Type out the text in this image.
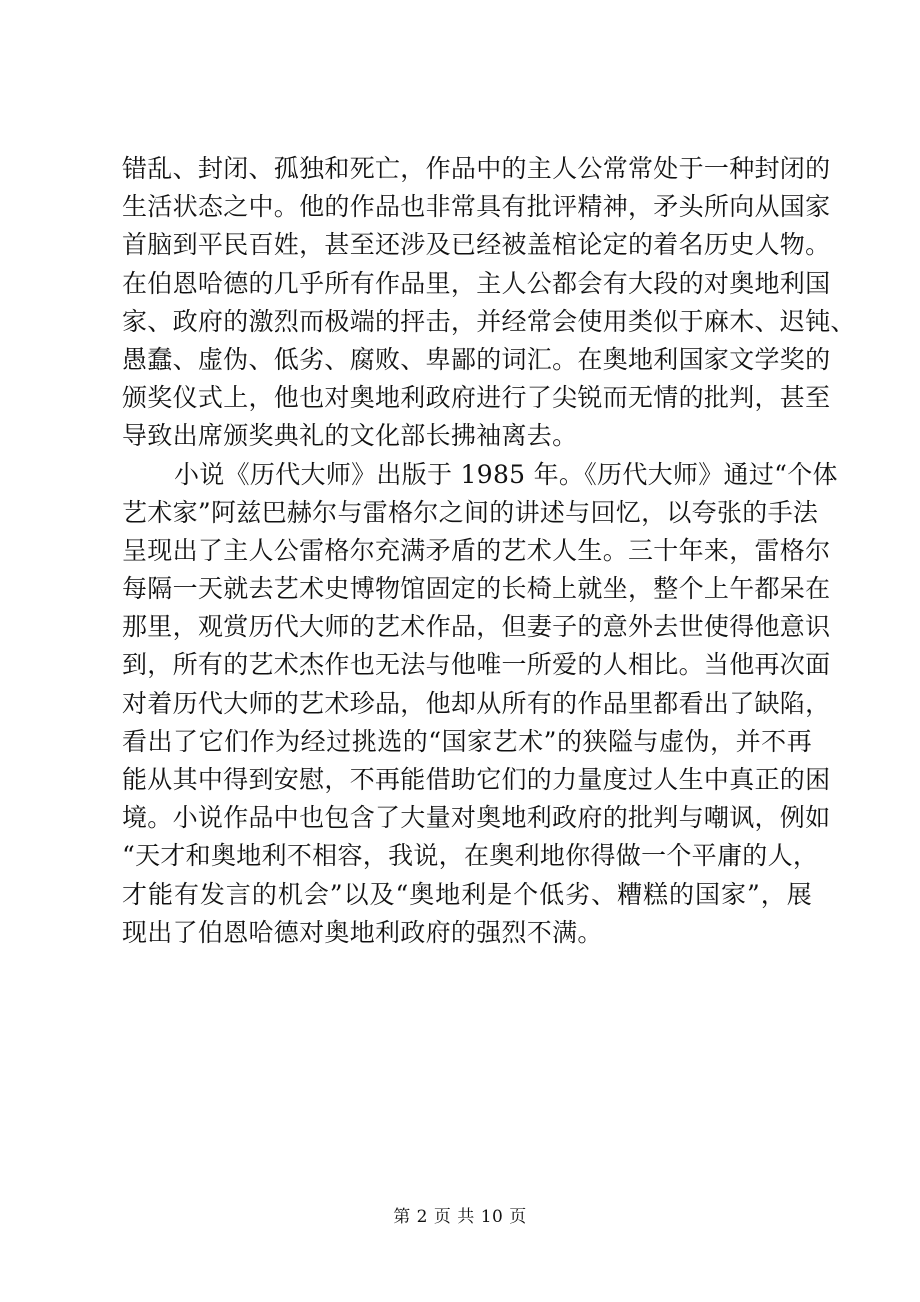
错乱、封闭、孤独和死亡，作品中的主人公常常处于一种封闭的
生活状态之中。他的作品也非常具有批评精神，矛头所向从国家
首脑到平民百姓，甚至还涉及已经被盖棺论定的着名历史人物。
在伯恩哈德的几乎所有作品里，主人公都会有大段的对奥地利国
家、政府的激烈而极端的抨击，并经常会使用类似于麻木、迟钝、
愚蠢、虚伪、低劣、腐败、卑鄙的词汇。在奥地利国家文学奖的
颁奖仪式上，他也对奥地利政府进行了尖锐而无情的批判，甚至
导致出席颁奖典礼的文化部长拂袖离去。
小说《历代大师》出版于 1985 年。《历代大师》通过“个体
艺术家”阿兹巴赫尔与雷格尔之间的讲述与回忆，以夸张的手法
呈现出了主人公雷格尔充满矛盾的艺术人生。三十年来，雷格尔
每隔一天就去艺术史博物馆固定的长椅上就坐，整个上午都呆在
那里，观赏历代大师的艺术作品，但妻子的意外去世使得他意识
到，所有的艺术杰作也无法与他唯一所爱的人相比。当他再次面
对着历代大师的艺术珍品，他却从所有的作品里都看出了缺陷，
看出了它们作为经过挑选的“国家艺术”的狭隘与虚伪，并不再
能从其中得到安慰，不再能借助它们的力量度过人生中真正的困
境。小说作品中也包含了大量对奥地利政府的批判与嘲讽，例如
“天才和奥地利不相容，我说，在奥利地你得做一个平庸的人，
才能有发言的机会”以及“奥地利是个低劣、糟糕的国家”，展
现出了伯恩哈德对奥地利政府的强烈不满。
第 2 页 共 10 页
